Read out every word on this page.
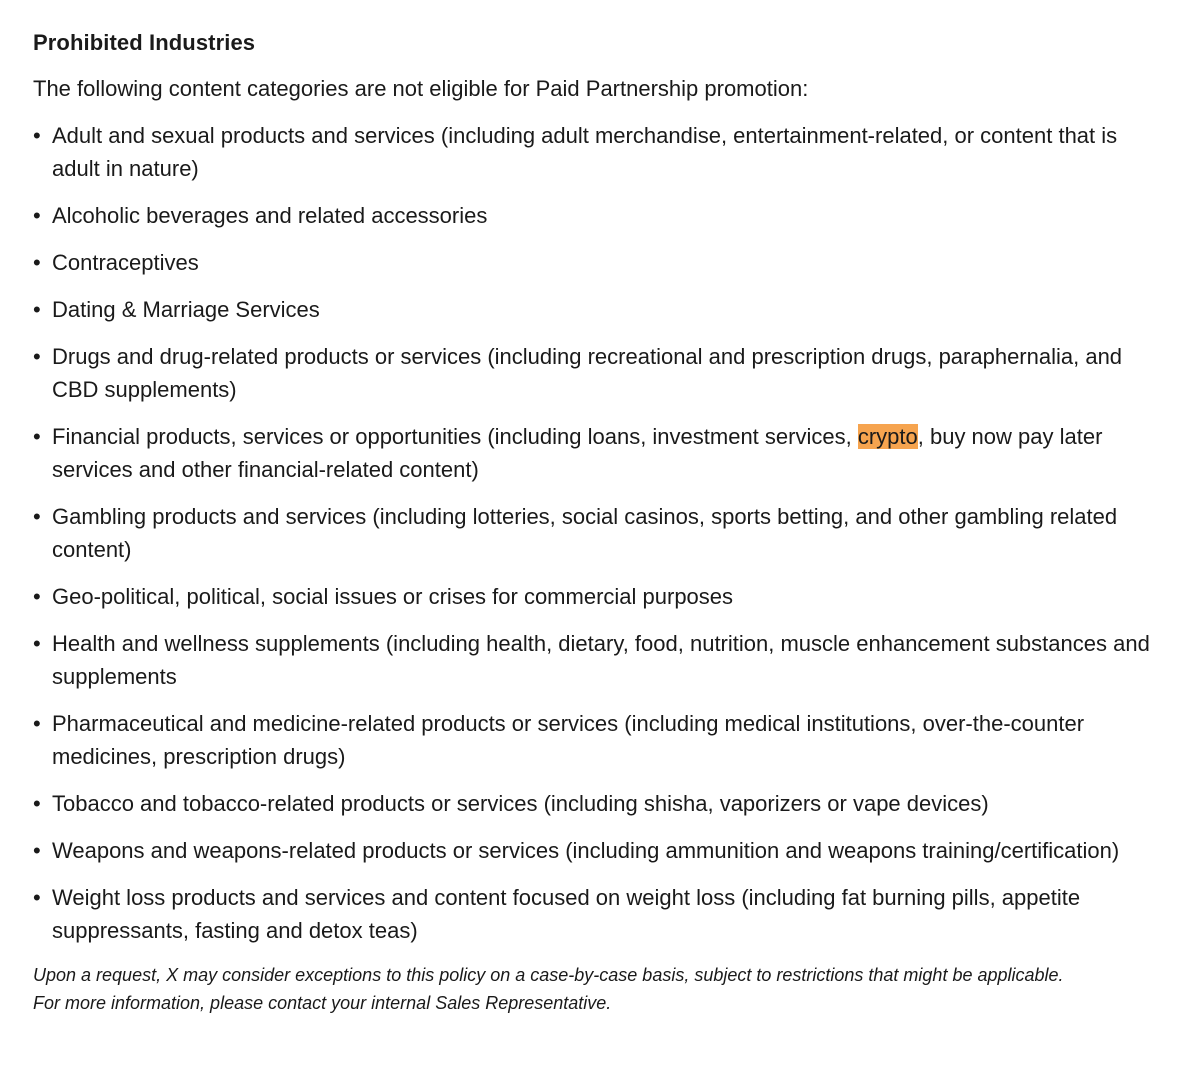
Prohibited Industries
The following content categories are not eligible for Paid Partnership promotion:
• Adult and sexual products and services (including adult merchandise, entertainment-related, or content that is adult in nature)
• Alcoholic beverages and related accessories
• Contraceptives
• Dating & Marriage Services
• Drugs and drug-related products or services (including recreational and prescription drugs, paraphernalia, and CBD supplements)
• Financial products, services or opportunities (including loans, investment services, crypto, buy now pay later services and other financial-related content)
• Gambling products and services (including lotteries, social casinos, sports betting, and other gambling related content)
• Geo-political, political, social issues or crises for commercial purposes
• Health and wellness supplements (including health, dietary, food, nutrition, muscle enhancement substances and supplements
• Pharmaceutical and medicine-related products or services (including medical institutions, over-the-counter medicines, prescription drugs)
• Tobacco and tobacco-related products or services (including shisha, vaporizers or vape devices)
• Weapons and weapons-related products or services (including ammunition and weapons training/certification)
• Weight loss products and services and content focused on weight loss (including fat burning pills, appetite suppressants, fasting and detox teas)
Upon a request, X may consider exceptions to this policy on a case-by-case basis, subject to restrictions that might be applicable.
For more information, please contact your internal Sales Representative.
